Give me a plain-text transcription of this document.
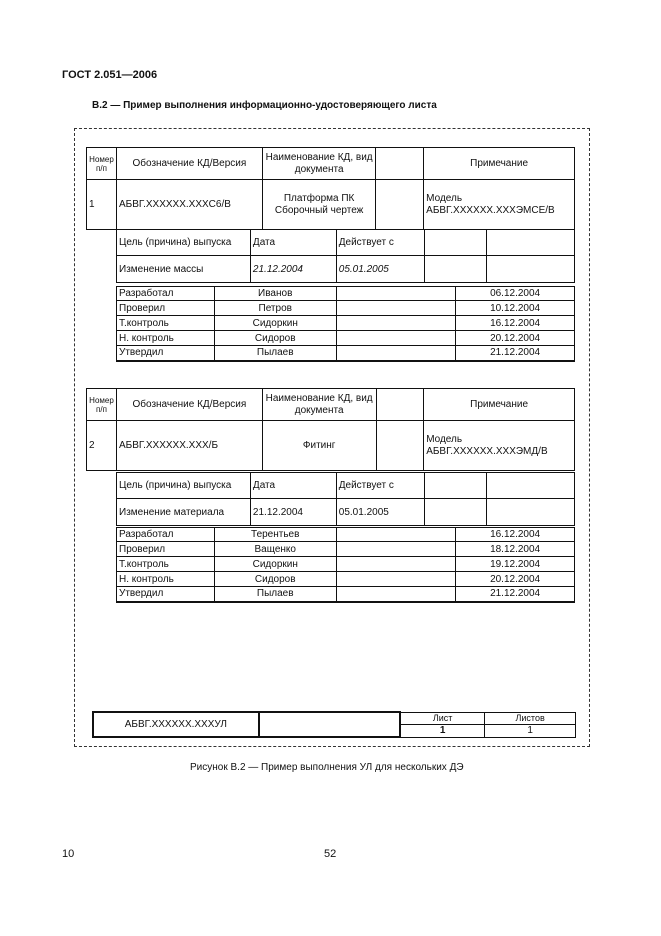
ГОСТ 2.051—2006
В.2 — Пример выполнения информационно-удостоверяющего листа
Номер п/п	Обозначение КД/Версия	Наименование КД, вид документа		Примечание
1	АБВГ.XXXXXX.XXXС6/В	Платформа ПК Сборочный чертеж		Модель АБВГ.XXXXXX.XXXЭМСЕ/В
Цель (причина) выпуска	Дата	Действует с		
Изменение массы	21.12.2004	05.01.2005		
Разработал	Иванов		06.12.2004
Проверил	Петров		10.12.2004
Т.контроль	Сидоркин		16.12.2004
Н. контроль	Сидоров		20.12.2004
Утвердил	Пылаев		21.12.2004
Номер п/п	Обозначение КД/Версия	Наименование КД, вид документа		Примечание
2	АБВГ.XXXXXX.XXX/Б	Фитинг		Модель АБВГ.XXXXXX.XXXЭМД/В
Цель (причина) выпуска	Дата	Действует с		
Изменение материала	21.12.2004	05.01.2005		
Разработал	Терентьев		16.12.2004
Проверил	Ващенко		18.12.2004
Т.контроль	Сидоркин		19.12.2004
Н. контроль	Сидоров		20.12.2004
Утвердил	Пылаев		21.12.2004
АБВГ.XXXXXX.XXXУЛ		Лист	Листов
		1	1
Рисунок В.2 — Пример выполнения УЛ для нескольких ДЭ
10	52
